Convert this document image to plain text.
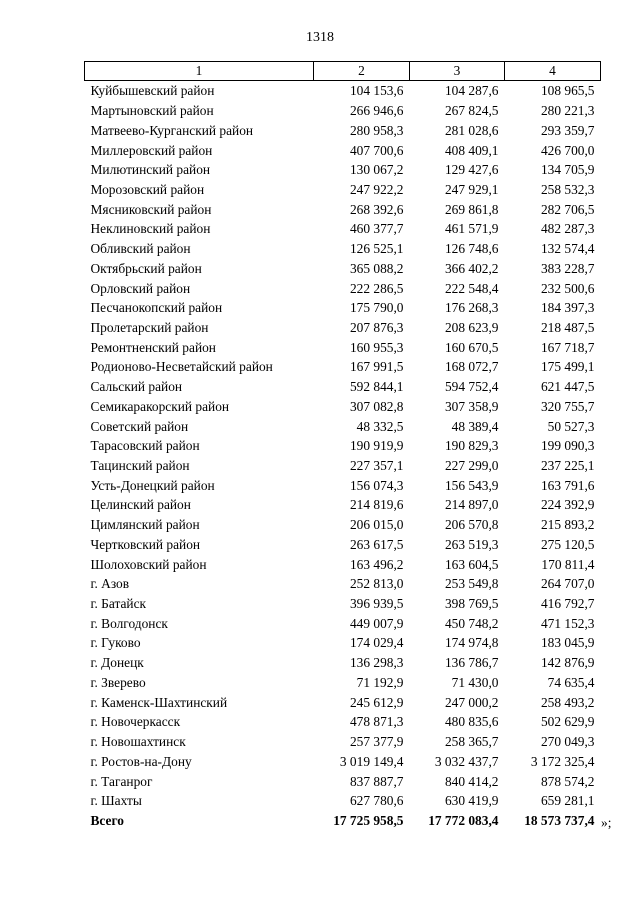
1318
1	2	3	4
Куйбышевский район	104 153,6	104 287,6	108 965,5
Мартыновский район	266 946,6	267 824,5	280 221,3
Матвеево-Курганский район	280 958,3	281 028,6	293 359,7
Миллеровский район	407 700,6	408 409,1	426 700,0
Милютинский район	130 067,2	129 427,6	134 705,9
Морозовский район	247 922,2	247 929,1	258 532,3
Мясниковский район	268 392,6	269 861,8	282 706,5
Неклиновский район	460 377,7	461 571,9	482 287,3
Обливский район	126 525,1	126 748,6	132 574,4
Октябрьский район	365 088,2	366 402,2	383 228,7
Орловский район	222 286,5	222 548,4	232 500,6
Песчанокопский район	175 790,0	176 268,3	184 397,3
Пролетарский район	207 876,3	208 623,9	218 487,5
Ремонтненский район	160 955,3	160 670,5	167 718,7
Родионово-Несветайский район	167 991,5	168 072,7	175 499,1
Сальский район	592 844,1	594 752,4	621 447,5
Семикаракорский район	307 082,8	307 358,9	320 755,7
Советский район	48 332,5	48 389,4	50 527,3
Тарасовский район	190 919,9	190 829,3	199 090,3
Тацинский район	227 357,1	227 299,0	237 225,1
Усть-Донецкий район	156 074,3	156 543,9	163 791,6
Целинский район	214 819,6	214 897,0	224 392,9
Цимлянский район	206 015,0	206 570,8	215 893,2
Чертковский район	263 617,5	263 519,3	275 120,5
Шолоховский район	163 496,2	163 604,5	170 811,4
г. Азов	252 813,0	253 549,8	264 707,0
г. Батайск	396 939,5	398 769,5	416 792,7
г. Волгодонск	449 007,9	450 748,2	471 152,3
г. Гуково	174 029,4	174 974,8	183 045,9
г. Донецк	136 298,3	136 786,7	142 876,9
г. Зверево	71 192,9	71 430,0	74 635,4
г. Каменск-Шахтинский	245 612,9	247 000,2	258 493,2
г. Новочеркасск	478 871,3	480 835,6	502 629,9
г. Новошахтинск	257 377,9	258 365,7	270 049,3
г. Ростов-на-Дону	3 019 149,4	3 032 437,7	3 172 325,4
г. Таганрог	837 887,7	840 414,2	878 574,2
г. Шахты	627 780,6	630 419,9	659 281,1
Всего	17 725 958,5	17 772 083,4	18 573 737,4 »;
